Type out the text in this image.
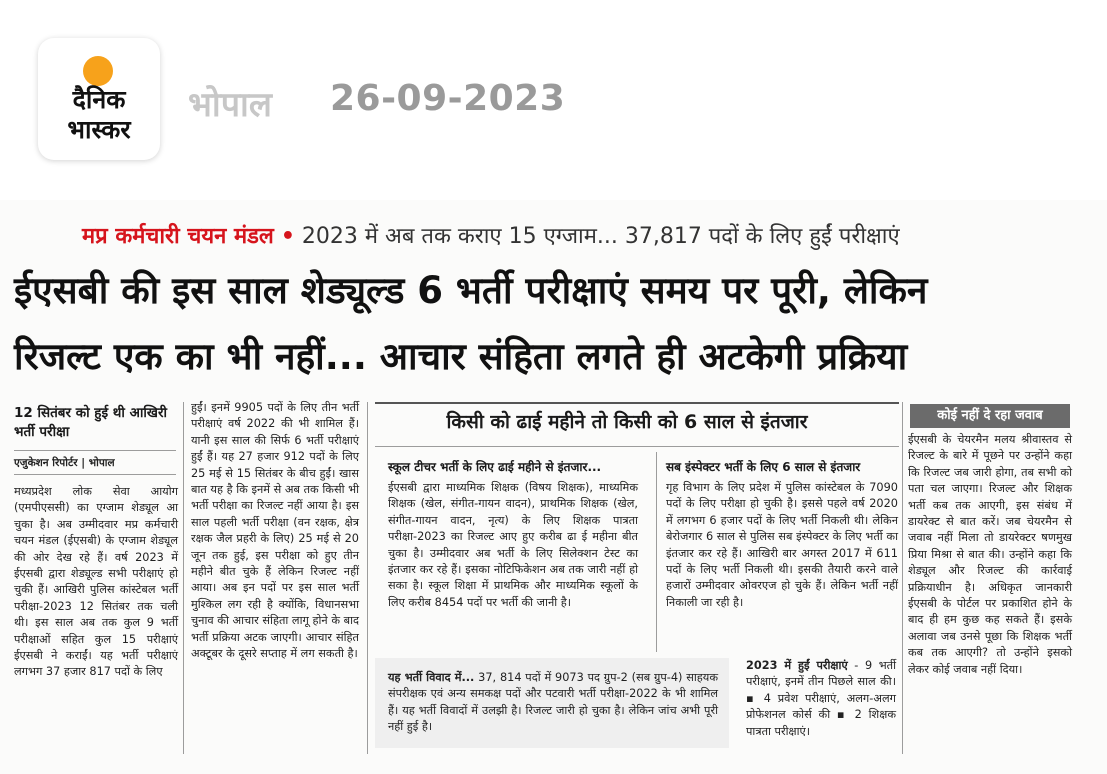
दैनिक
भास्कर
भोपाल 26-09-2023
मप्र कर्मचारी चयन मंडल • 2023 में अब तक कराए 15 एग्जाम... 37,817 पदों के लिए हुईं परीक्षाएं
ईएसबी की इस साल शेड्यूल्ड 6 भर्ती परीक्षाएं समय पर पूरी, लेकिन
रिजल्ट एक का भी नहीं... आचार संहिता लगते ही अटकेगी प्रक्रिया
12 सितंबर को हुई थी आखिरी भर्ती परीक्षा
एजुकेशन रिपोर्टर | भोपाल
मध्यप्रदेश लोक सेवा आयोग (एमपीएससी) का एग्जाम शेड्यूल आ चुका है। अब उम्मीदवार मप्र कर्मचारी चयन मंडल (ईएसबी) के एग्जाम शेड्यूल की ओर देख रहे हैं। वर्ष 2023 में ईएसबी द्वारा शेड्यूल्ड सभी परीक्षाएं हो चुकी हैं। आखिरी पुलिस कांस्टेबल भर्ती परीक्षा-2023 12 सितंबर तक चली थी। इस साल अब तक कुल 9 भर्ती परीक्षाओं सहित कुल 15 परीक्षाएं ईएसबी ने कराईं। यह भर्ती परीक्षाएं लगभग 37 हजार 817 पदों के लिए
हुईं। इनमें 9905 पदों के लिए तीन भर्ती परीक्षाएं वर्ष 2022 की भी शामिल हैं। यानी इस साल की सिर्फ 6 भर्ती परीक्षाएं हुईं हैं। यह 27 हजार 912 पदों के लिए 25 मई से 15 सितंबर के बीच हुईं। खास बात यह है कि इनमें से अब तक किसी भी भर्ती परीक्षा का रिजल्ट नहीं आया है। इस साल पहली भर्ती परीक्षा (वन रक्षक, क्षेत्र रक्षक जैल प्रहरी के लिए) 25 मई से 20 जून तक हुई, इस परीक्षा को हुए तीन महीने बीत चुके हैं लेकिन रिजल्ट नहीं आया। अब इन पदों पर इस साल भर्ती मुश्किल लग रही है क्योंकि, विधानसभा चुनाव की आचार संहिता लागू होने के बाद भर्ती प्रक्रिया अटक जाएगी। आचार संहित अक्टूबर के दूसरे सप्ताह में लग सकती है।
किसी को ढाई महीने तो किसी को 6 साल से इंतजार
स्कूल टीचर भर्ती के लिए ढाई महीने से इंतजार...
ईएसबी द्वारा माध्यमिक शिक्षक (विषय शिक्षक), माध्यमिक शिक्षक (खेल, संगीत-गायन वादन), प्राथमिक शिक्षक (खेल, संगीत-गायन वादन, नृत्य) के लिए शिक्षक पात्रता परीक्षा-2023 का रिजल्ट आए हुए करीब ढा ई महीना बीत चुका है। उम्मीदवार अब भर्ती के लिए सिलेक्शन टेस्ट का इंतजार कर रहे हैं। इसका नोटिफिकेशन अब तक जारी नहीं हो सका है। स्कूल शिक्षा में प्राथमिक और माध्यमिक स्कूलों के लिए करीब 8454 पदों पर भर्ती की जानी है।
सब इंस्पेक्टर भर्ती के लिए 6 साल से इंतजार
गृह विभाग के लिए प्रदेश में पुलिस कांस्टेबल के 7090 पदों के लिए परीक्षा हो चुकी है। इससे पहले वर्ष 2020 में लगभग 6 हजार पदों के लिए भर्ती निकली थी। लेकिन बेरोजगार 6 साल से पुलिस सब इंस्पेक्टर के लिए भर्ती का इंतजार कर रहे हैं। आखिरी बार अगस्त 2017 में 611 पदों के लिए भर्ती निकली थी। इसकी तैयारी करने वाले हजारों उम्मीदवार ओवरएज हो चुके हैं। लेकिन भर्ती नहीं निकाली जा रही है।
यह भर्ती विवाद में... 37, 814 पदों में 9073 पद ग्रुप-2 (सब ग्रुप-4) साहयक संपरीक्षक एवं अन्य समकक्ष पदों और पटवारी भर्ती परीक्षा-2022 के भी शामिल हैं। यह भर्ती विवादों में उलझी है। रिजल्ट जारी हो चुका है। लेकिन जांच अभी पूरी नहीं हुई है।
2023 में हुईं परीक्षाएं - 9 भर्ती परीक्षाएं, इनमें तीन पिछले साल की। ▪ 4 प्रवेश परीक्षाएं, अलग-अलग प्रोफेशनल कोर्स की ▪ 2 शिक्षक पात्रता परीक्षाएं।
कोई नहीं दे रहा जवाब
ईएसबी के चेयरमैन मलय श्रीवास्तव से रिजल्ट के बारे में पूछने पर उन्होंने कहा कि रिजल्ट जब जारी होगा, तब सभी को पता चल जाएगा। रिजल्ट और शिक्षक भर्ती कब तक आएगी, इस संबंध में डायरेक्ट से बात करें। जब चेयरमैन से जवाब नहीं मिला तो डायरेक्टर षणमुख प्रिया मिश्रा से बात की। उन्होंने कहा कि शेड्यूल और रिजल्ट की कार्रवाई प्रक्रियाधीन है। अधिकृत जानकारी ईएसबी के पोर्टल पर प्रकाशित होने के बाद ही हम कुछ कह सकते हैं। इसके अलावा जब उनसे पूछा कि शिक्षक भर्ती कब तक आएगी? तो उन्होंने इसको लेकर कोई जवाब नहीं दिया।
